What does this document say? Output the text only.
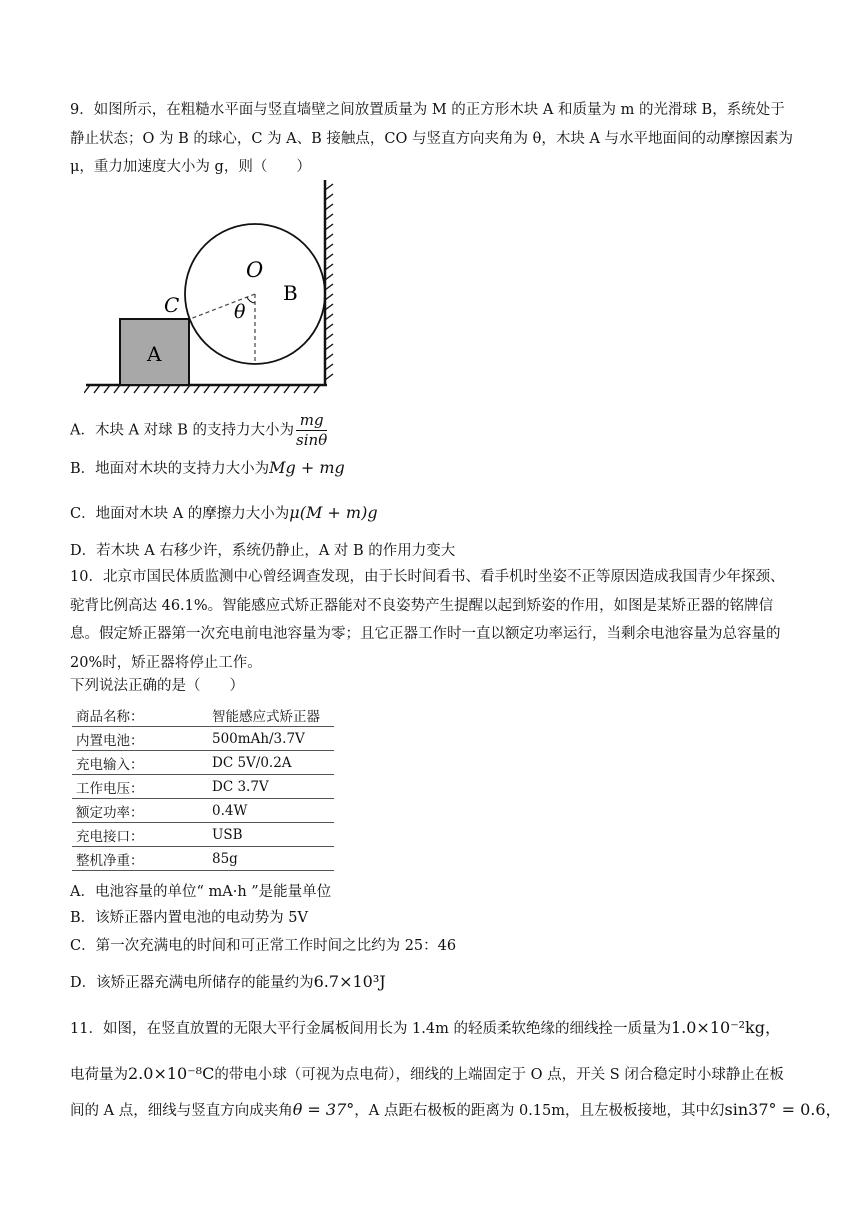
9．如图所示，在粗糙水平面与竖直墙壁之间放置质量为 M 的正方形木块 A 和质量为 m 的光滑球 B，系统处于静止状态；O 为 B 的球心，C 为 A、B 接触点，CO 与竖直方向夹角为 θ，木块 A 与水平地面间的动摩擦因素为 μ，重力加速度大小为 g，则（　　）
O
B
C	θ
A
A．木块 A 对球 B 的支持力大小为 $\frac{mg}{\sin\theta}$
B．地面对木块的支持力大小为Mg + mg
C．地面对木块 A 的摩擦力大小为μ(M + m)g
D．若木块 A 右移少许，系统仍静止，A 对 B 的作用力变大
10．北京市国民体质监测中心曾经调查发现，由于长时间看书、看手机时坐姿不正等原因造成我国青少年探颈、驼背比例高达 46.1%。智能感应式矫正器能对不良姿势产生提醒以起到矫姿的作用，如图是某矫正器的铭牌信息。假定矫正器第一次充电前电池容量为零；且它正器工作时一直以额定功率运行，当剩余电池容量为总容量的 20%时，矫正器将停止工作。
下列说法正确的是（　　）
商品名称：	智能感应式矫正器
内置电池：	500mAh/3.7V
充电输入：	DC 5V/0.2A
工作电压：	DC 3.7V
额定功率：	0.4W
充电接口：	USB
整机净重：	85g
A．电池容量的单位“ mA·h ”是能量单位
B．该矫正器内置电池的电动势为 5V
C．第一次充满电的时间和可正常工作时间之比约为 25：46
D．该矫正器充满电所储存的能量约为6.7×10³J
11．如图，在竖直放置的无限大平行金属板间用长为 1.4m 的轻质柔软绝缘的细线拴一质量为1.0×10⁻²kg，
电荷量为2.0×10⁻⁸C的带电小球（可视为点电荷），细线的上端固定于 O 点，开关 S 闭合稳定时小球静止在板
间的 A 点，细线与竖直方向成夹角θ = 37°，A 点距右极板的距离为 0.15m，且左极板接地，其中幻sin37° = 0.6，
